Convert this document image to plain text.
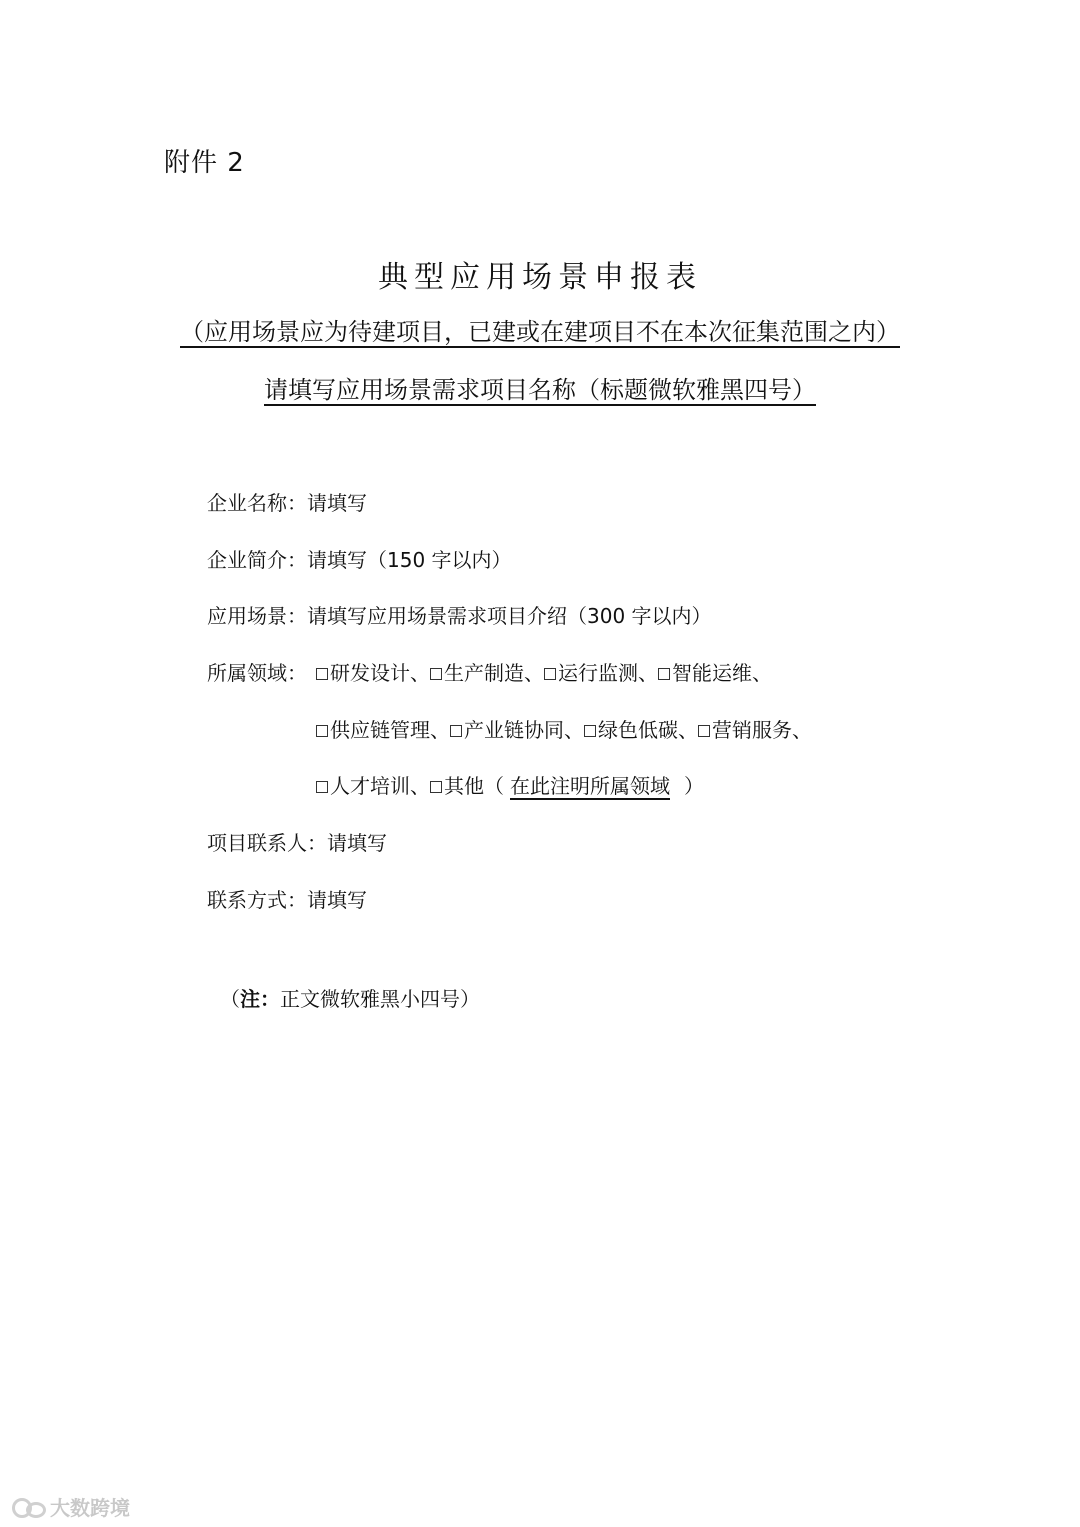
附件 2
典型应用场景申报表
（应用场景应为待建项目，已建或在建项目不在本次征集范围之内）
请填写应用场景需求项目名称（标题微软雅黑四号）
企业名称：请填写
企业简介：请填写（150 字以内）
应用场景：请填写应用场景需求项目介绍（300 字以内）
所属领域：	研发设计、 生产制造、 运行监测、 智能运维、
供应链管理、 产业链协同、 绿色低碳、 营销服务、
人才培训、 其他（ 在此注明所属领域 ）
项目联系人：请填写
联系方式：请填写
（注：正文微软雅黑小四号）
大数跨境
